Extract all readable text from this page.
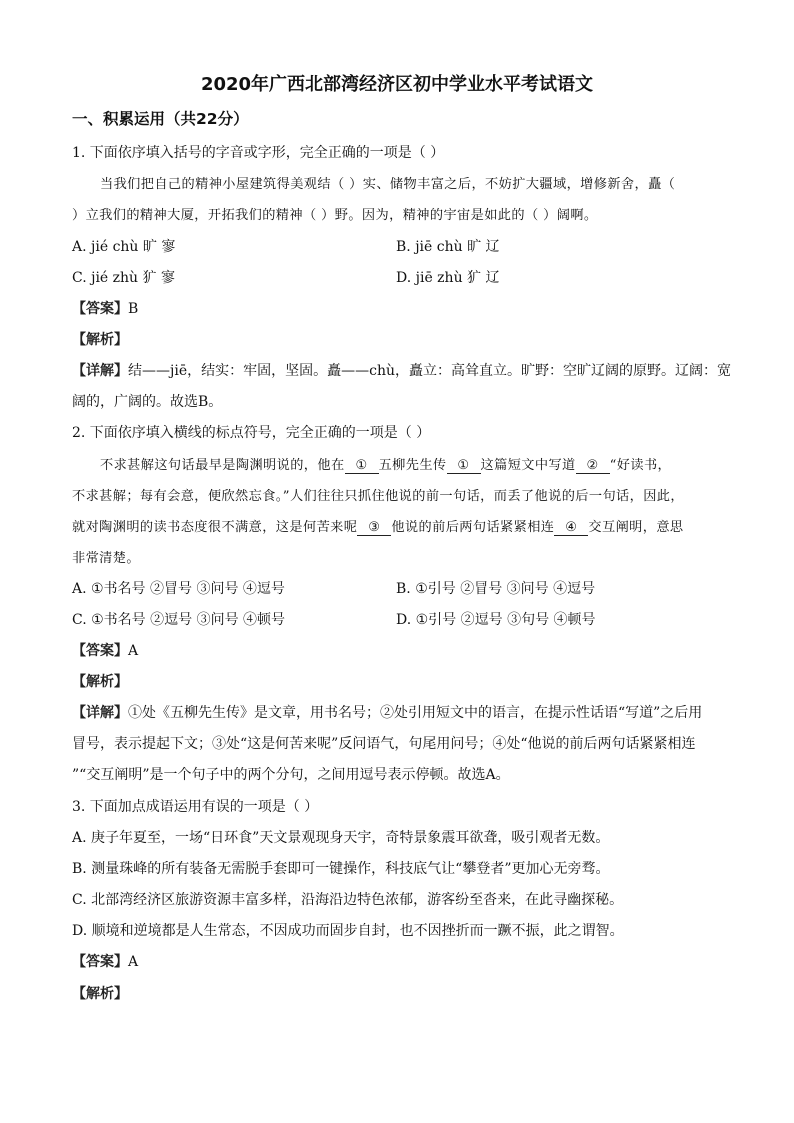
2020年广西北部湾经济区初中学业水平考试语文
一、积累运用（共22分）
1. 下面依序填入括号的字音或字形，完全正确的一项是（ ）
当我们把自己的精神小屋建筑得美观结（ ）实、储物丰富之后，不妨扩大疆域，增修新舍，矗（
）立我们的精神大厦，开拓我们的精神（ ）野。因为，精神的宇宙是如此的（ ）阔啊。
A. jié chù 旷 寥	B. jiē chù 旷 辽
C. jié zhù 犷 寥	D. jiē zhù 犷 辽
【答案】B
【解析】
【详解】结——jiē，结实：牢固，坚固。矗——chù，矗立：高耸直立。旷野：空旷辽阔的原野。辽阔：宽
阔的，广阔的。故选B。
2. 下面依序填入横线的标点符号，完全正确的一项是（ ）
不求甚解这句话最早是陶渊明说的，他在 ① 五柳先生传 ① 这篇短文中写道 ② “好读书，
不求甚解；每有会意，便欣然忘食。”人们往往只抓住他说的前一句话，而丢了他说的后一句话，因此，
就对陶渊明的读书态度很不满意，这是何苦来呢 ③ 他说的前后两句话紧紧相连 ④ 交互阐明，意思
非常清楚。
A. ①书名号 ②冒号 ③问号 ④逗号	B. ①引号 ②冒号 ③问号 ④逗号
C. ①书名号 ②逗号 ③问号 ④顿号	D. ①引号 ②逗号 ③句号 ④顿号
【答案】A
【解析】
【详解】①处《五柳先生传》是文章，用书名号；②处引用短文中的语言，在提示性话语“写道”之后用
冒号，表示提起下文；③处“这是何苦来呢”反问语气，句尾用问号；④处“他说的前后两句话紧紧相连
”“交互阐明”是一个句子中的两个分句，之间用逗号表示停顿。故选A。
3. 下面加点成语运用有误的一项是（ ）
A. 庚子年夏至，一场“日环食”天文景观现身天宇，奇特景象震耳欲聋，吸引观者无数。
B. 测量珠峰的所有装备无需脱手套即可一键操作，科技底气让“攀登者”更加心无旁骛。
C. 北部湾经济区旅游资源丰富多样，沿海沿边特色浓郁，游客纷至沓来，在此寻幽探秘。
D. 顺境和逆境都是人生常态，不因成功而固步自封，也不因挫折而一蹶不振，此之谓智。
【答案】A
【解析】
